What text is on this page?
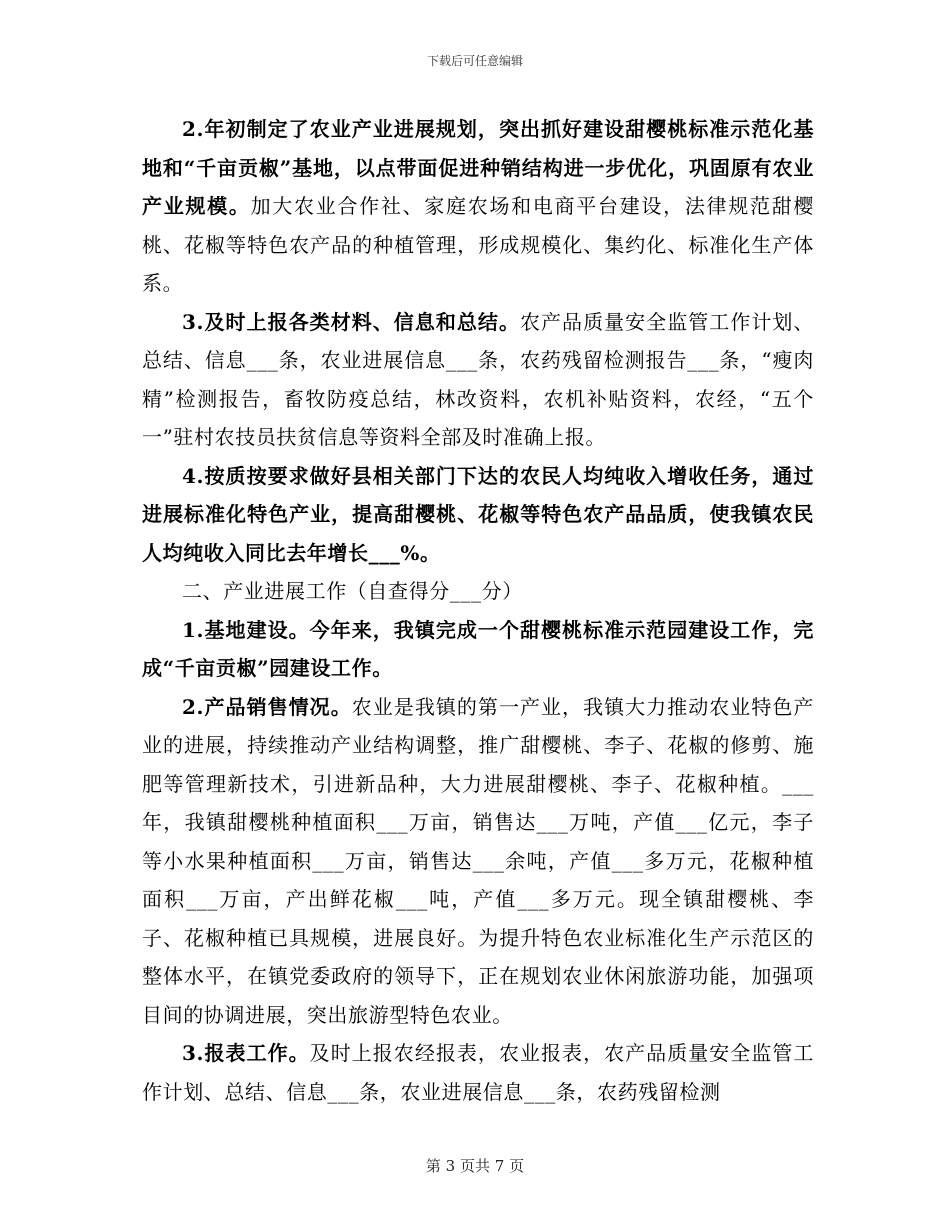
下载后可任意编辑

2.年初制定了农业产业进展规划，突出抓好建设甜樱桃标准示范化基地和“千亩贡椒”基地，以点带面促进种销结构进一步优化，巩固原有农业产业规模。加大农业合作社、家庭农场和电商平台建设，法律规范甜樱桃、花椒等特色农产品的种植管理，形成规模化、集约化、标准化生产体系。

3.及时上报各类材料、信息和总结。农产品质量安全监管工作计划、总结、信息___条，农业进展信息___条，农药残留检测报告___条，“瘦肉精”检测报告，畜牧防疫总结，林改资料，农机补贴资料，农经，“五个一”驻村农技员扶贫信息等资料全部及时准确上报。

4.按质按要求做好县相关部门下达的农民人均纯收入增收任务，通过进展标准化特色产业，提高甜樱桃、花椒等特色农产品品质，使我镇农民人均纯收入同比去年增长___%。

二、产业进展工作（自查得分___分）

1.基地建设。今年来，我镇完成一个甜樱桃标准示范园建设工作，完成“千亩贡椒”园建设工作。

2.产品销售情况。农业是我镇的第一产业，我镇大力推动农业特色产业的进展，持续推动产业结构调整，推广甜樱桃、李子、花椒的修剪、施肥等管理新技术，引进新品种，大力进展甜樱桃、李子、花椒种植。___年，我镇甜樱桃种植面积___万亩，销售达___万吨，产值___亿元，李子等小水果种植面积___万亩，销售达___余吨，产值___多万元，花椒种植面积___万亩，产出鲜花椒___吨，产值___多万元。现全镇甜樱桃、李子、花椒种植已具规模，进展良好。为提升特色农业标准化生产示范区的整体水平，在镇党委政府的领导下，正在规划农业休闲旅游功能，加强项目间的协调进展，突出旅游型特色农业。

3.报表工作。及时上报农经报表，农业报表，农产品质量安全监管工作计划、总结、信息___条，农业进展信息___条，农药残留检测

第 3 页共 7 页
